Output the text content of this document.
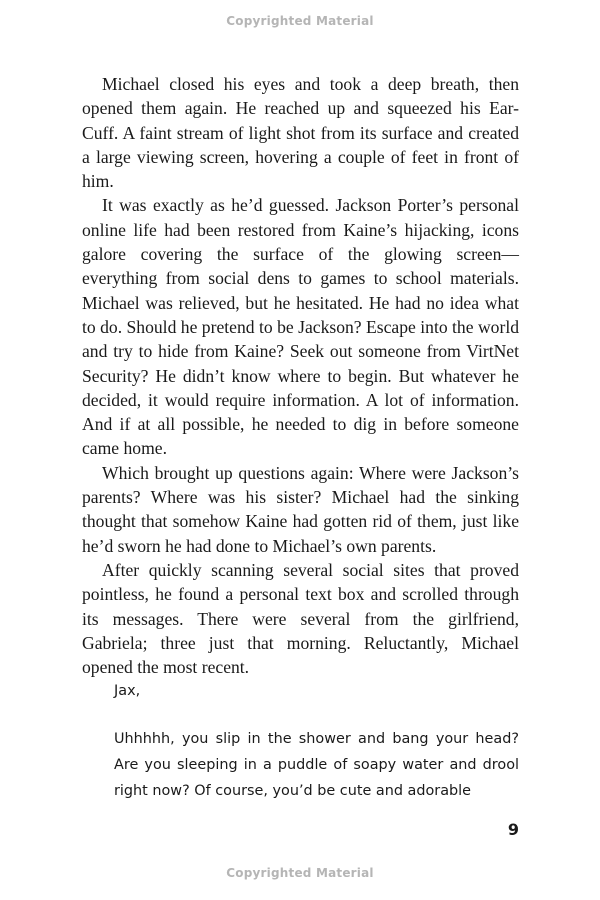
Copyrighted Material

Michael closed his eyes and took a deep breath, then opened them again. He reached up and squeezed his Ear-Cuff. A faint stream of light shot from its surface and created a large viewing screen, hovering a couple of feet in front of him.

It was exactly as he’d guessed. Jackson Porter’s personal online life had been restored from Kaine’s hijacking, icons galore covering the surface of the glowing screen—everything from social dens to games to school materials. Michael was relieved, but he hesitated. He had no idea what to do. Should he pretend to be Jackson? Escape into the world and try to hide from Kaine? Seek out someone from VirtNet Security? He didn’t know where to begin. But whatever he decided, it would require information. A lot of information. And if at all possible, he needed to dig in before someone came home.

Which brought up questions again: Where were Jackson’s parents? Where was his sister? Michael had the sinking thought that somehow Kaine had gotten rid of them, just like he’d sworn he had done to Michael’s own parents.

After quickly scanning several social sites that proved pointless, he found a personal text box and scrolled through its messages. There were several from the girlfriend, Gabriela; three just that morning. Reluctantly, Michael opened the most recent.

Jax,

Uhhhhh, you slip in the shower and bang your head? Are you sleeping in a puddle of soapy water and drool right now? Of course, you’d be cute and adorable

9
Copyrighted Material
